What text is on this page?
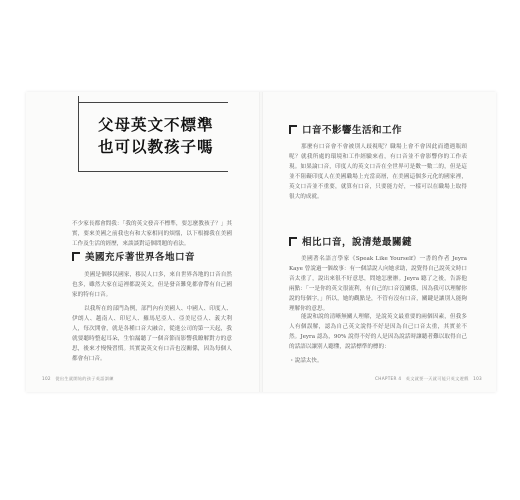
父母英文不標準
也可以教孩子嗎
不少家長都會問我：「我的英文發音不標準，要怎麼教孩子？」其實，要來美國之前我也有和大家相同的煩惱，以下根據我在美國工作及生活的經歷，來談談對這個問題的看法。
美國充斥著世界各地口音
美國是個移民國家，移民人口多，來自世界各地的口音自然也多，雖然大家在這裡都說英文，但是發音難免都會帶有自己國家的特有口音。
以我所在的部門為例，部門內有美國人、中國人、印度人、伊朗人、越南人、印尼人、羅馬尼亞人、亞美尼亞人、義大利人，每次開會，就是各種口音大融合，從進公司的第一天起，我就要聽時整起耳朵，生怕漏聽了一個音節而影響我瞭解對方的意思，後來才慢慢習慣。其實說英文有口音也沒關係，因為每個人都會有口音。
102　從出生就開始的孩子英語訓練
口音不影響生活和工作
那麼有口音會不會被別人歧視呢？職場上會不會因此而遭遇瓶頸呢？就我所處的環境和工作經驗來看，有口音並不會影響你的工作表現。如果論口音，印度人的英文口音在全世界可是數一數二的，但是這並不阻礙印度人在美國職場上充當高層，在美國這個多元化的國家裡，英文口音並不重要，就算有口音，只要能力好，一樣可以在職場上取得很大的成就。
相比口音，說清楚最關鍵
美國著名語言學家《Speak Like Yourself》一書的作者 Jeyra Kaye 曾說過一個故事：有一個話說人向她求助，說覺得自己說英文時口音太重了，說出來很不好意思，問她怎麼辦。Jeyra 聽了之後，告訴他兩點：「一是你的英文很流利，有自己的口音沒關係，因為我可以理解你說的每個字。」所以，她的觀點是，不管有沒有口音，關鍵是讓別人能夠理解你的意思。
能說和說的清晰無關人理解，是說英文最重要的兩個因素，但我多人有個誤解，認為自己英文說得不好是因為自己口音太重，其實並不然。Jeyra 認為，90% 說得不好的人是因為說話時讓聽者難以取得自己的話語以讓別人聽懂，說話標準的標的：
・說話太快。
CHAPTER 4　英文就要一天就可能只英文遊戲　103
